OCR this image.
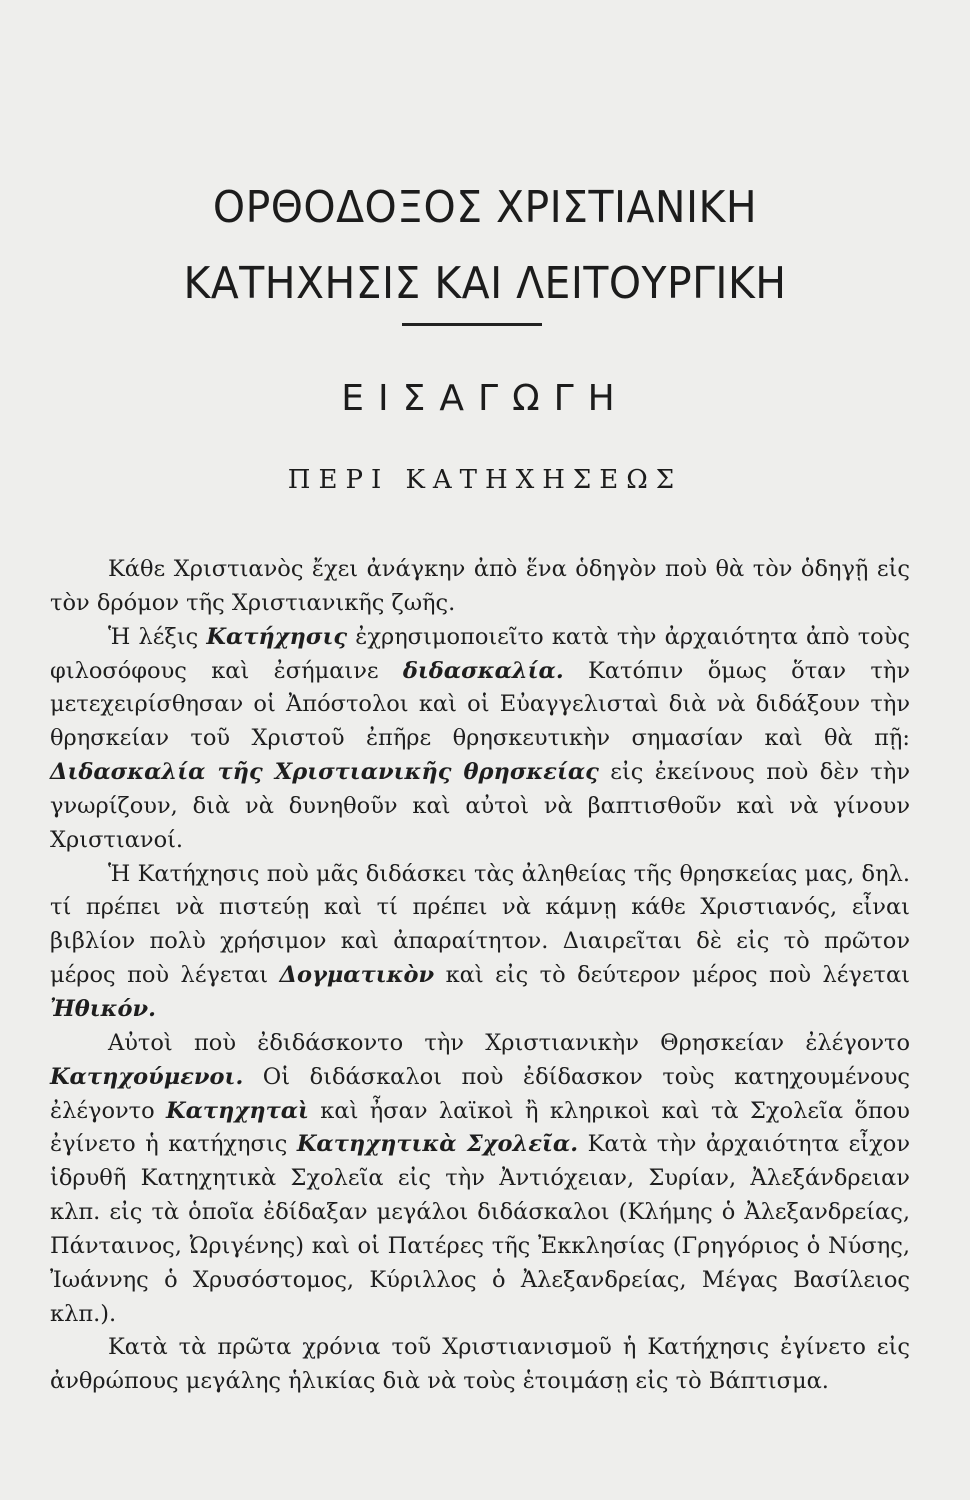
ΟΡΘΟΔΟΞΟΣ ΧΡΙΣΤΙΑΝΙΚΗ
ΚΑΤΗΧΗΣΙΣ ΚΑΙ ΛΕΙΤΟΥΡΓΙΚΗ
ΕΙΣΑΓΩΓΗ
ΠΕΡΙ ΚΑΤΗΧΗΣΕΩΣ

Κάθε Χριστιανὸς ἔχει ἀνάγκην ἀπὸ ἕνα ὁδηγὸν ποὺ θὰ τὸν ὁδηγῇ εἰς τὸν δρόμον τῆς Χριστιανικῆς ζωῆς.

Ἡ λέξις Κατήχησις ἐχρησιμοποιεῖτο κατὰ τὴν ἀρχαιότητα ἀπὸ τοὺς φιλοσόφους καὶ ἐσήμαινε διδασκαλία. Κατόπιν ὅμως ὅταν τὴν μετεχειρίσθησαν οἱ Ἀπόστολοι καὶ οἱ Εὐαγγελισταὶ διὰ νὰ διδάξουν τὴν θρησκείαν τοῦ Χριστοῦ ἐπῆρε θρησκευτικὴν σημασίαν καὶ θὰ πῇ: Διδασκαλία τῆς Χριστιανικῆς θρησκείας εἰς ἐκείνους ποὺ δὲν τὴν γνωρίζουν, διὰ νὰ δυνηθοῦν καὶ αὐτοὶ νὰ βαπτισθοῦν καὶ νὰ γίνουν Χριστιανοί.

Ἡ Κατήχησις ποὺ μᾶς διδάσκει τὰς ἀληθείας τῆς θρησκείας μας, δηλ. τί πρέπει νὰ πιστεύῃ καὶ τί πρέπει νὰ κάμνῃ κάθε Χριστιανός, εἶναι βιβλίον πολὺ χρήσιμον καὶ ἀπαραίτητον. Διαιρεῖται δὲ εἰς τὸ πρῶτον μέρος ποὺ λέγεται Δογματικὸν καὶ εἰς τὸ δεύτερον μέρος ποὺ λέγεται Ἠθικόν.

Αὐτοὶ ποὺ ἐδιδάσκοντο τὴν Χριστιανικὴν Θρησκείαν ἐλέγοντο Κατηχούμενοι. Οἱ διδάσκαλοι ποὺ ἐδίδασκον τοὺς κατηχουμένους ἐλέγοντο Κατηχηταὶ καὶ ἦσαν λαϊκοὶ ἢ κληρικοὶ καὶ τὰ Σχολεῖα ὅπου ἐγίνετο ἡ κατήχησις Κατηχητικὰ Σχολεῖα. Κατὰ τὴν ἀρχαιότητα εἶχον ἱδρυθῆ Κατηχητικὰ Σχολεῖα εἰς τὴν Ἀντιόχειαν, Συρίαν, Ἀλεξάνδρειαν κλπ. εἰς τὰ ὁποῖα ἐδίδαξαν μεγάλοι διδάσκαλοι (Κλήμης ὁ Ἀλεξανδρείας, Πάνταινος, Ὠριγένης) καὶ οἱ Πατέρες τῆς Ἐκκλησίας (Γρηγόριος ὁ Νύσης, Ἰωάννης ὁ Χρυσόστομος, Κύριλλος ὁ Ἀλεξανδρείας, Μέγας Βασίλειος κλπ.).

Κατὰ τὰ πρῶτα χρόνια τοῦ Χριστιανισμοῦ ἡ Κατήχησις ἐγίνετο εἰς ἀνθρώπους μεγάλης ἡλικίας διὰ νὰ τοὺς ἑτοιμάσῃ εἰς τὸ Βάπτισμα.
